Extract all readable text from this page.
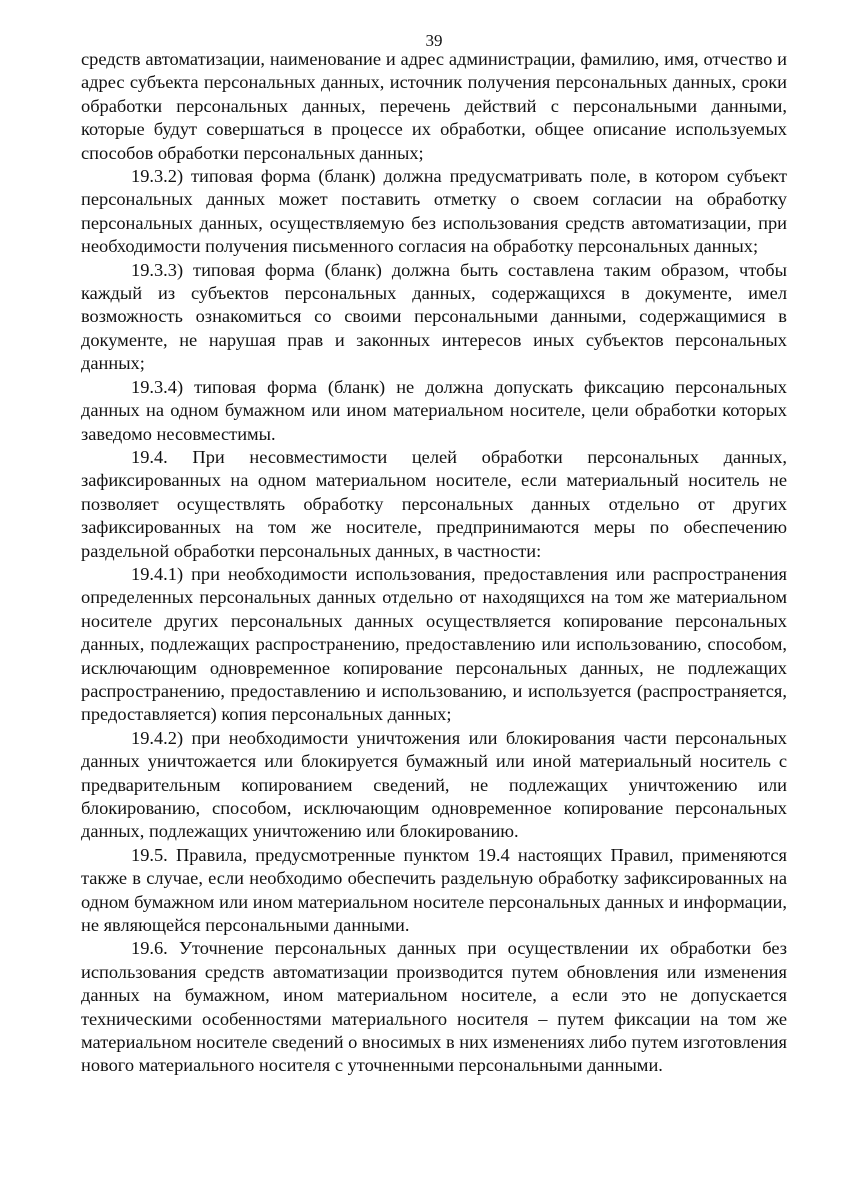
39

средств автоматизации, наименование и адрес администрации, фамилию, имя, отчество и адрес субъекта персональных данных, источник получения персональных данных, сроки обработки персональных данных, перечень действий с персональными данными, которые будут совершаться в процессе их обработки, общее описание используемых способов обработки персональных данных;

19.3.2) типовая форма (бланк) должна предусматривать поле, в котором субъект персональных данных может поставить отметку о своем согласии на обработку персональных данных, осуществляемую без использования средств автоматизации, при необходимости получения письменного согласия на обработку персональных данных;

19.3.3) типовая форма (бланк) должна быть составлена таким образом, чтобы каждый из субъектов персональных данных, содержащихся в документе, имел возможность ознакомиться со своими персональными данными, содержащимися в документе, не нарушая прав и законных интересов иных субъектов персональных данных;

19.3.4) типовая форма (бланк) не должна допускать фиксацию персональных данных на одном бумажном или ином материальном носителе, цели обработки которых заведомо несовместимы.

19.4. При несовместимости целей обработки персональных данных, зафиксированных на одном материальном носителе, если материальный носитель не позволяет осуществлять обработку персональных данных отдельно от других зафиксированных на том же носителе, предпринимаются меры по обеспечению раздельной обработки персональных данных, в частности:

19.4.1) при необходимости использования, предоставления или распространения определенных персональных данных отдельно от находящихся на том же материальном носителе других персональных данных осуществляется копирование персональных данных, подлежащих распространению, предоставлению или использованию, способом, исключающим одновременное копирование персональных данных, не подлежащих распространению, предоставлению и использованию, и используется (распространяется, предоставляется) копия персональных данных;

19.4.2) при необходимости уничтожения или блокирования части персональных данных уничтожается или блокируется бумажный или иной материальный носитель с предварительным копированием сведений, не подлежащих уничтожению или блокированию, способом, исключающим одновременное копирование персональных данных, подлежащих уничтожению или блокированию.

19.5. Правила, предусмотренные пунктом 19.4 настоящих Правил, применяются также в случае, если необходимо обеспечить раздельную обработку зафиксированных на одном бумажном или ином материальном носителе персональных данных и информации, не являющейся персональными данными.

19.6. Уточнение персональных данных при осуществлении их обработки без использования средств автоматизации производится путем обновления или изменения данных на бумажном, ином материальном носителе, а если это не допускается техническими особенностями материального носителя – путем фиксации на том же материальном носителе сведений о вносимых в них изменениях либо путем изготовления нового материального носителя с уточненными персональными данными.
